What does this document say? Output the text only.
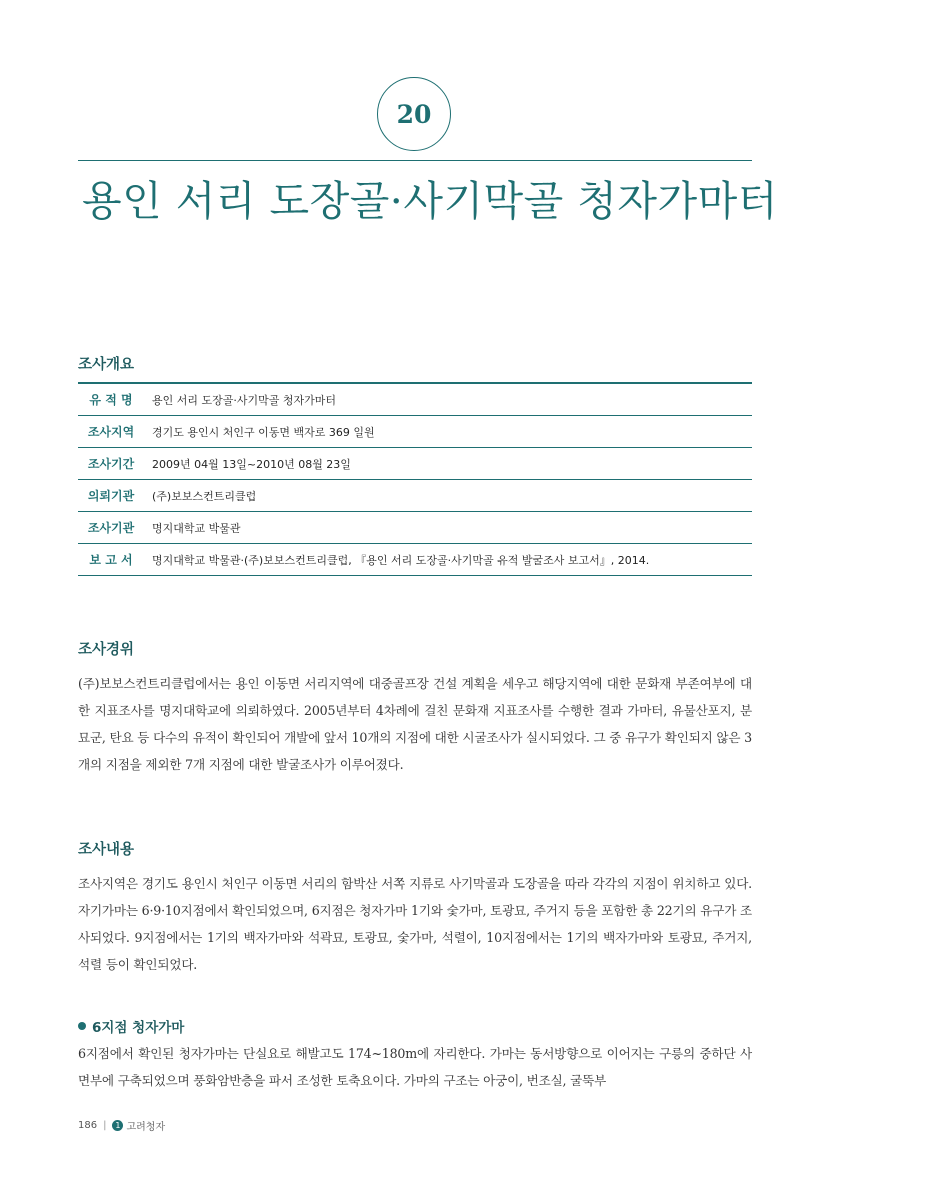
20
용인 서리 도장골·사기막골 청자가마터
조사개요
유 적 명	용인 서리 도장골·사기막골 청자가마터
조사지역	경기도 용인시 처인구 이동면 백자로 369 일원
조사기간	2009년 04월 13일~2010년 08월 23일
의뢰기관	(주)보보스컨트리클럽
조사기관	명지대학교 박물관
보 고 서	명지대학교 박물관·(주)보보스컨트리클럽, 『용인 서리 도장골·사기막골 유적 발굴조사 보고서』, 2014.
조사경위
(주)보보스컨트리클럽에서는 용인 이동면 서리지역에 대중골프장 건설 계획을 세우고 해당지역에 대한 문화재 부존여부에 대한 지표조사를 명지대학교에 의뢰하였다. 2005년부터 4차례에 걸친 문화재 지표조사를 수행한 결과 가마터, 유물산포지, 분묘군, 탄요 등 다수의 유적이 확인되어 개발에 앞서 10개의 지점에 대한 시굴조사가 실시되었다. 그 중 유구가 확인되지 않은 3개의 지점을 제외한 7개 지점에 대한 발굴조사가 이루어졌다.
조사내용
조사지역은 경기도 용인시 처인구 이동면 서리의 함박산 서쪽 지류로 사기막골과 도장골을 따라 각각의 지점이 위치하고 있다. 자기가마는 6·9·10지점에서 확인되었으며, 6지점은 청자가마 1기와 숯가마, 토광묘, 주거지 등을 포함한 총 22기의 유구가 조사되었다. 9지점에서는 1기의 백자가마와 석곽묘, 토광묘, 숯가마, 석렬이, 10지점에서는 1기의 백자가마와 토광묘, 주거지, 석렬 등이 확인되었다.
6지점 청자가마
6지점에서 확인된 청자가마는 단실요로 해발고도 174~180m에 자리한다. 가마는 동서방향으로 이어지는 구릉의 중하단 사면부에 구축되었으며 풍화암반층을 파서 조성한 토축요이다. 가마의 구조는 아궁이, 번조실, 굴뚝부
186 |	1 고려청자
